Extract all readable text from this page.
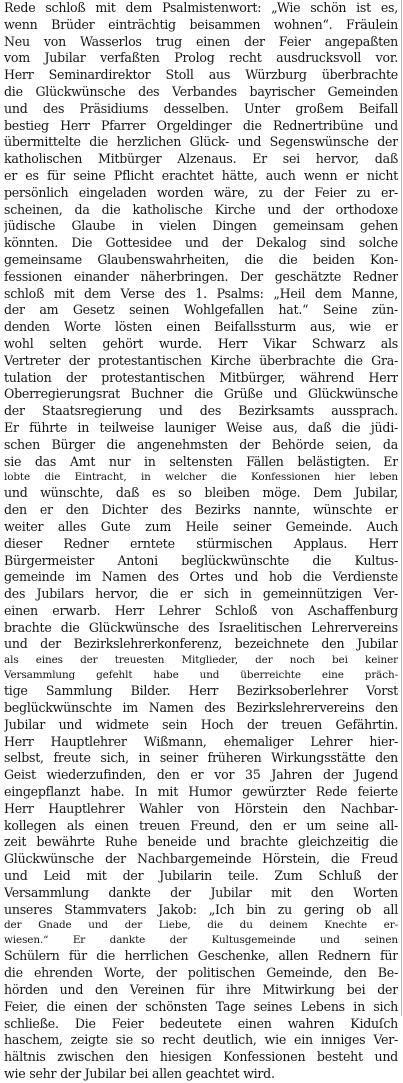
Rede schloß mit dem Psalmistenwort: „Wie schön ist es,
wenn Brüder einträchtig beisammen wohnen“. Fräulein
Neu von Wasserlos trug einen der Feier angepaßten
vom Jubilar verfaßten Prolog recht ausdrucksvoll vor.
Herr Seminardirektor Stoll aus Würzburg überbrachte
die Glückwünsche des Verbandes bayrischer Gemeinden
und des Präsidiums desselben. Unter großem Beifall
bestieg Herr Pfarrer Orgeldinger die Rednertribüne und
übermittelte die herzlichen Glück- und Segenswünsche der
katholischen Mitbürger Alzenaus. Er sei hervor, daß
er es für seine Pflicht erachtet hätte, auch wenn er nicht
persönlich eingeladen worden wäre, zu der Feier zu er-
scheinen, da die katholische Kirche und der orthodoxe
jüdische Glaube in vielen Dingen gemeinsam gehen
könnten. Die Gottesidee und der Dekalog sind solche
gemeinsame Glaubenswahrheiten, die die beiden Kon-
fessionen einander näherbringen. Der geschätzte Redner
schloß mit dem Verse des 1. Psalms: „Heil dem Manne,
der am Gesetz seinen Wohlgefallen hat.“ Seine zün-
denden Worte lösten einen Beifallssturm aus, wie er
wohl selten gehört wurde. Herr Vikar Schwarz als
Vertreter der protestantischen Kirche überbrachte die Gra-
tulation der protestantischen Mitbürger, während Herr
Oberregierungsrat Buchner die Grüße und Glückwünsche
der Staatsregierung und des Bezirksamts aussprach.
Er führte in teilweise launiger Weise aus, daß die jüdi-
schen Bürger die angenehmsten der Behörde seien, da
sie das Amt nur in seltensten Fällen belästigten. Er
lobte die Eintracht, in welcher die Konfessionen hier leben
und wünschte, daß es so bleiben möge. Dem Jubilar,
den er den Dichter des Bezirks nannte, wünschte er
weiter alles Gute zum Heile seiner Gemeinde. Auch
dieser Redner erntete stürmischen Applaus. Herr
Bürgermeister Antoni beglückwünschte die Kultus-
gemeinde im Namen des Ortes und hob die Verdienste
des Jubilars hervor, die er sich in gemeinnützigen Ver-
einen erwarb. Herr Lehrer Schloß von Aschaffenburg
brachte die Glückwünsche des Israelitischen Lehrervereins
und der Bezirkslehrerkonferenz, bezeichnete den Jubilar
als eines der treuesten Mitglieder, der noch bei keiner
Versammlung gefehlt habe und überreichte eine präch-
tige Sammlung Bilder. Herr Bezirksoberlehrer Vorst
beglückwünschte im Namen des Bezirkslehrervereins den
Jubilar und widmete sein Hoch der treuen Gefährtin.
Herr Hauptlehrer Wißmann, ehemaliger Lehrer hier-
selbst, freute sich, in seiner früheren Wirkungsstätte den
Geist wiederzufinden, den er vor 35 Jahren der Jugend
eingepflanzt habe. In mit Humor gewürzter Rede feierte
Herr Hauptlehrer Wahler von Hörstein den Nachbar-
kollegen als einen treuen Freund, den er um seine all-
zeit bewährte Ruhe beneide und brachte gleichzeitig die
Glückwünsche der Nachbargemeinde Hörstein, die Freud
und Leid mit der Jubilarin teile. Zum Schluß der
Versammlung dankte der Jubilar mit den Worten
unseres Stammvaters Jakob: „Ich bin zu gering ob all
der Gnade und der Liebe, die du deinem Knechte er-
wiesen.“ Er dankte der Kultusgemeinde und seinen
Schülern für die herrlichen Geschenke, allen Rednern für
die ehrenden Worte, der politischen Gemeinde, den Be-
hörden und den Vereinen für ihre Mitwirkung bei der
Feier, die einen der schönsten Tage seines Lebens in sich
schließe. Die Feier bedeutete einen wahren Kiduſch
haschem, zeigte sie so recht deutlich, wie ein inniges Ver-
hältnis zwischen den hiesigen Konfessionen besteht und
wie sehr der Jubilar bei allen geachtet wird.
